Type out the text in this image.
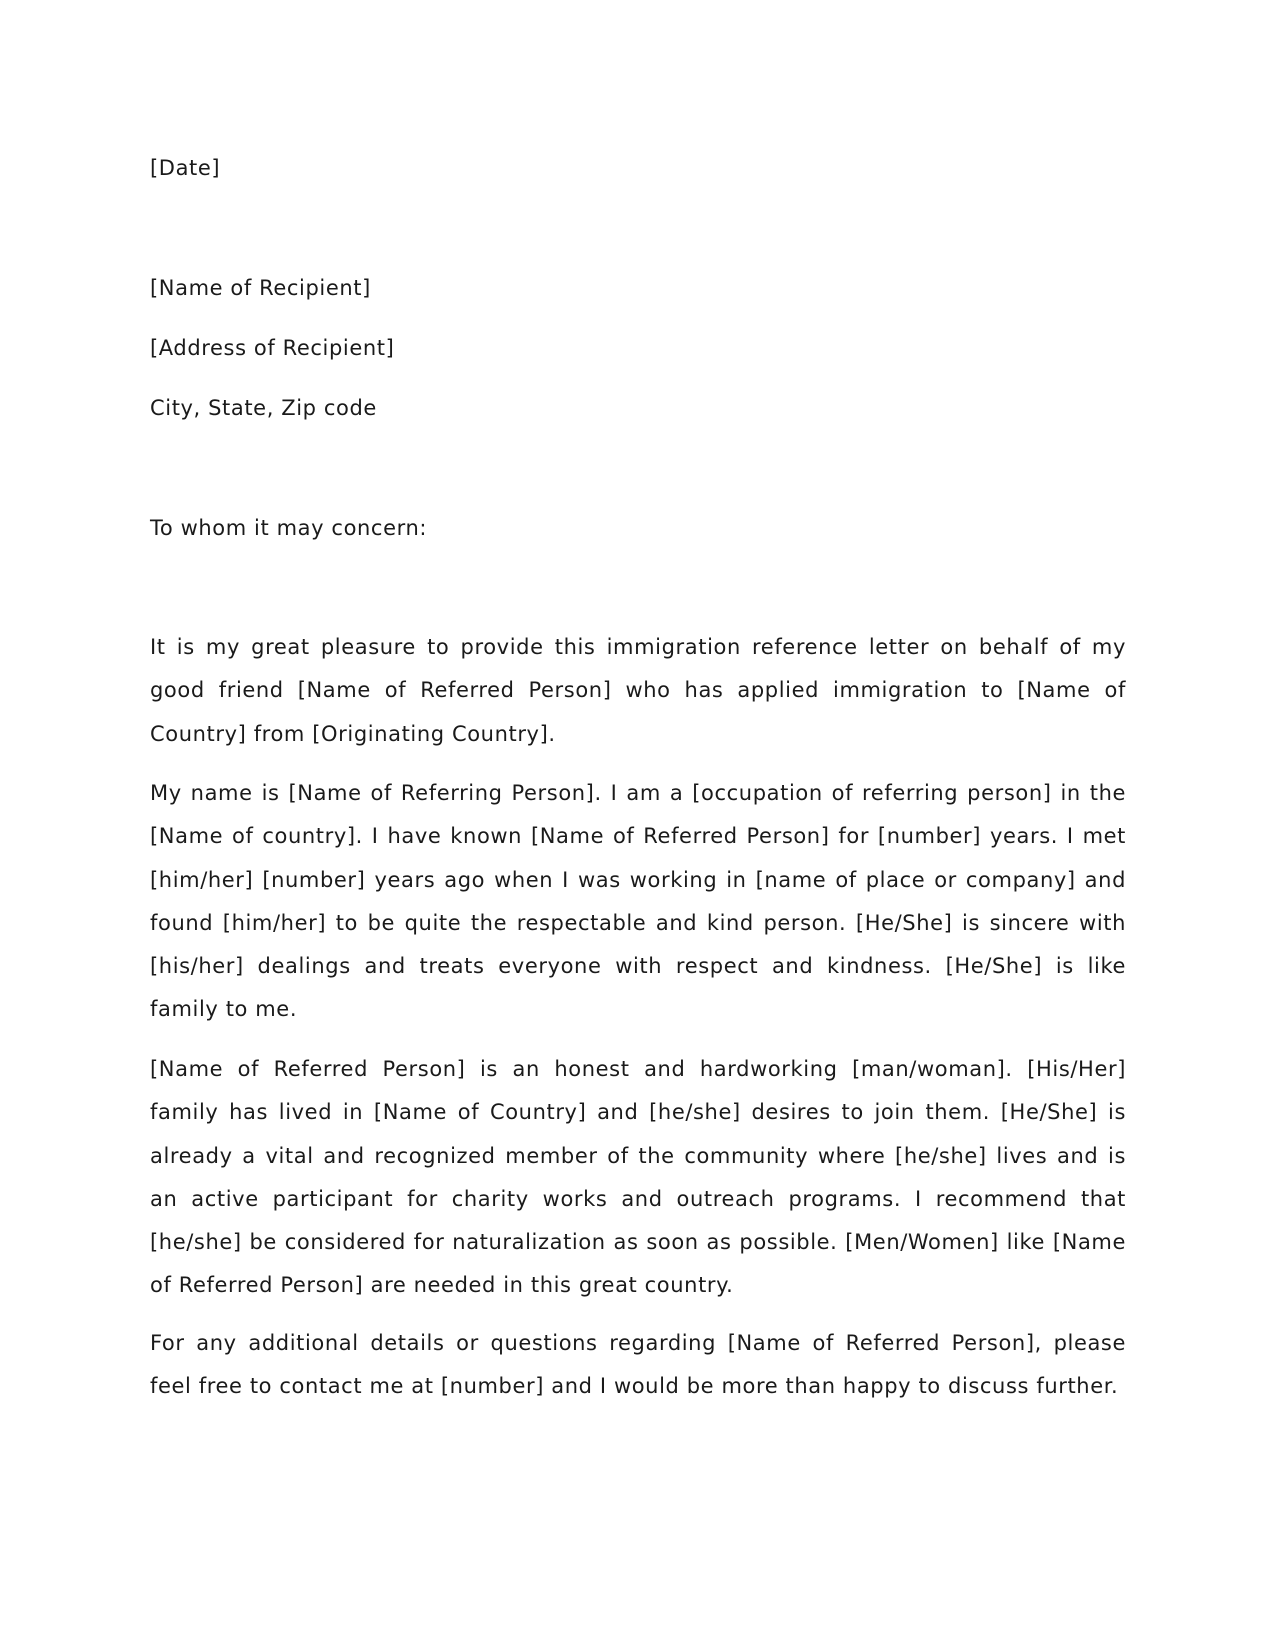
[Date]
[Name of Recipient]
[Address of Recipient]
City, State, Zip code
To whom it may concern:

It is my great pleasure to provide this immigration reference letter on behalf of my good friend [Name of Referred Person] who has applied immigration to [Name of Country] from [Originating Country].

My name is [Name of Referring Person]. I am a [occupation of referring person] in the [Name of country]. I have known [Name of Referred Person] for [number] years. I met [him/her] [number] years ago when I was working in [name of place or company] and found [him/her] to be quite the respectable and kind person. [He/She] is sincere with [his/her] dealings and treats everyone with respect and kindness. [He/She] is like family to me.

[Name of Referred Person] is an honest and hardworking [man/woman]. [His/Her] family has lived in [Name of Country] and [he/she] desires to join them. [He/She] is already a vital and recognized member of the community where [he/she] lives and is an active participant for charity works and outreach programs. I recommend that [he/she] be considered for naturalization as soon as possible. [Men/Women] like [Name of Referred Person] are needed in this great country.

For any additional details or questions regarding [Name of Referred Person], please feel free to contact me at [number] and I would be more than happy to discuss further.
